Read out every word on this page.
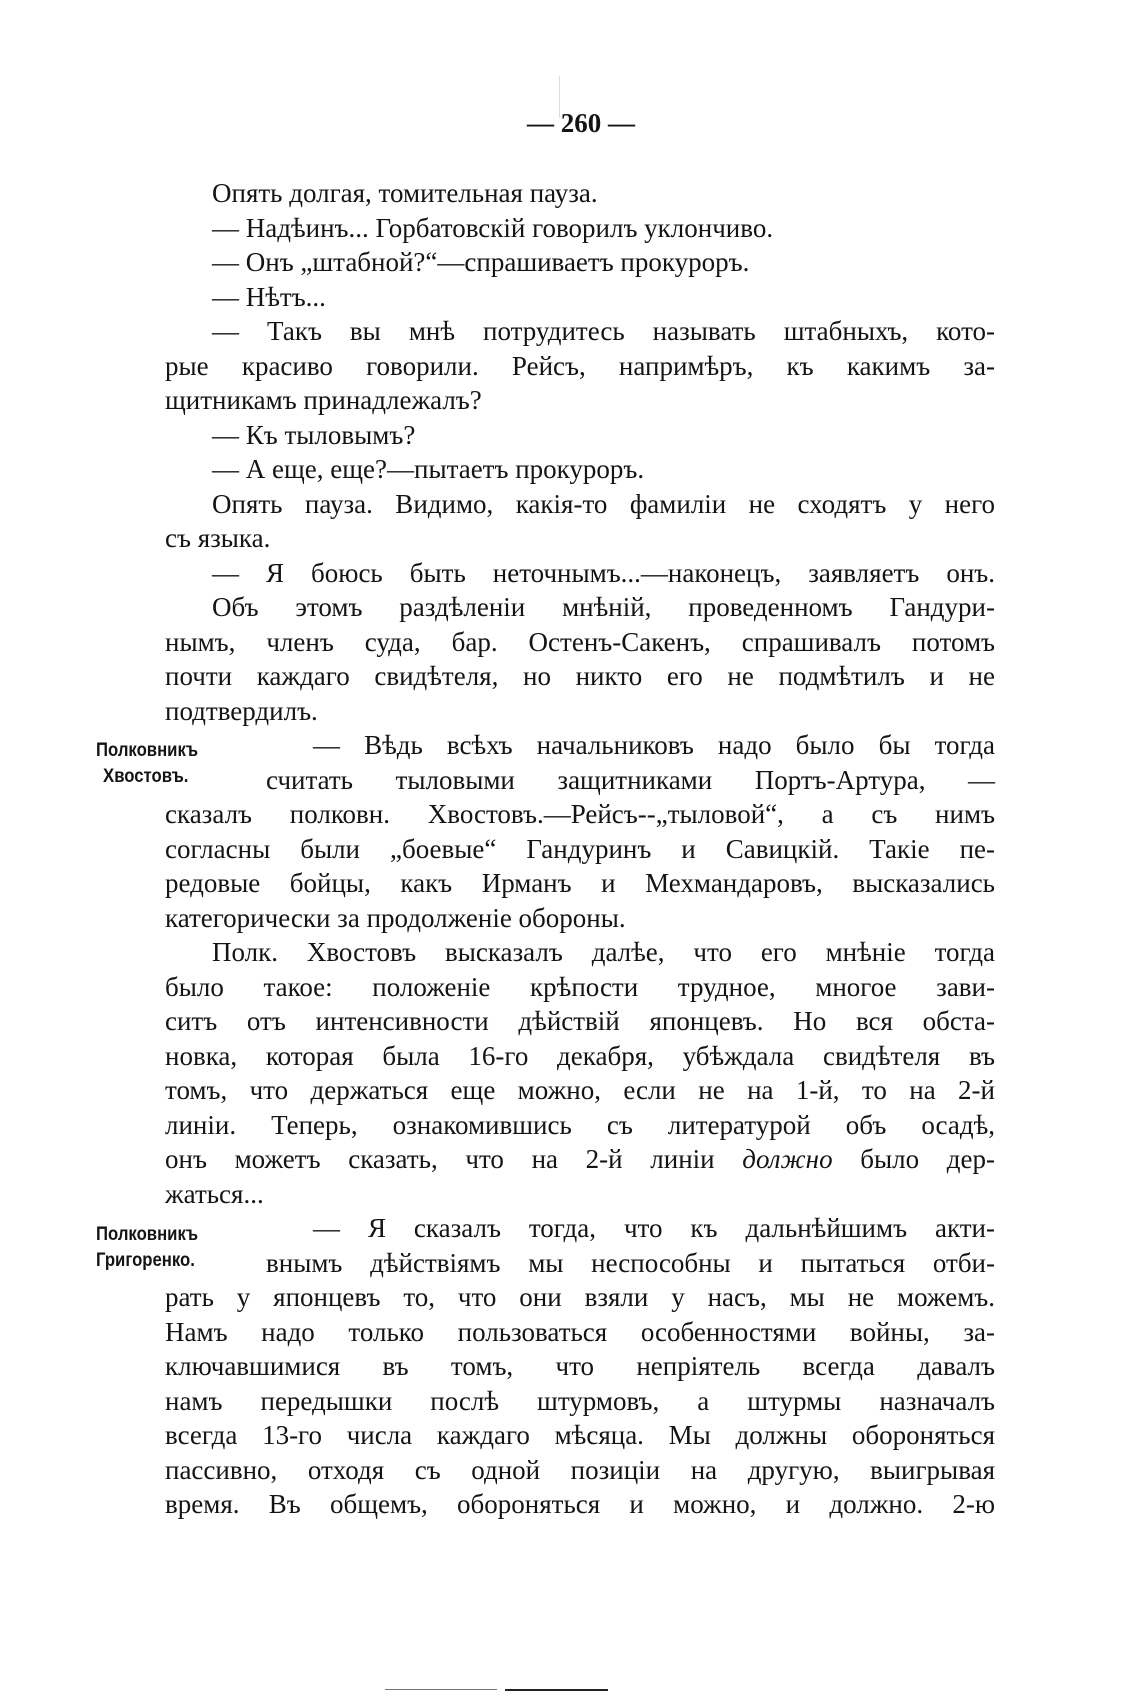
— 260 —
Полковникъ
Хвостовъ.
Полковникъ
Григоренко.
Опять долгая, томительная пауза.
— Надѣинъ... Горбатовскій говорилъ уклончиво.
— Онъ „штабной?“—спрашиваетъ прокуроръ.
— Нѣтъ...
— Такъ вы мнѣ потрудитесь называть штабныхъ, кото-
рые красиво говорили. Рейсъ, напримѣръ, къ какимъ за-
щитникамъ принадлежалъ?
— Къ тыловымъ?
— А еще, еще?—пытаетъ прокуроръ.
Опять пауза. Видимо, какія-то фамиліи не сходятъ у него
съ языка.
— Я боюсь быть неточнымъ...—наконецъ, заявляетъ онъ.
Объ этомъ раздѣленіи мнѣній, проведенномъ Гандури-
нымъ, членъ суда, бар. Остенъ-Сакенъ, спрашивалъ потомъ
почти каждаго свидѣтеля, но никто его не подмѣтилъ и не
подтвердилъ.
— Вѣдь всѣхъ начальниковъ надо было бы тогда
считать тыловыми защитниками Портъ-Артура, —
сказалъ полковн. Хвостовъ.—Рейсъ--„тыловой“, а съ нимъ
согласны были „боевые“ Гандуринъ и Савицкій. Такіе пе-
редовые бойцы, какъ Ирманъ и Мехмандаровъ, высказались
категорически за продолженіе обороны.
Полк. Хвостовъ высказалъ далѣе, что его мнѣніе тогда
было такое: положеніе крѣпости трудное, многое зави-
ситъ отъ интенсивности дѣйствій японцевъ. Но вся обста-
новка, которая была 16-го декабря, убѣждала свидѣтеля въ
томъ, что держаться еще можно, если не на 1-й, то на 2-й
линіи. Теперь, ознакомившись съ литературой объ осадѣ,
онъ можетъ сказать, что на 2-й линіи должно было дер-
жаться...
— Я сказалъ тогда, что къ дальнѣйшимъ акти-
внымъ дѣйствіямъ мы неспособны и пытаться отби-
рать у японцевъ то, что они взяли у насъ, мы не можемъ.
Намъ надо только пользоваться особенностями войны, за-
ключавшимися въ томъ, что непріятель всегда давалъ
намъ передышки послѣ штурмовъ, а штурмы назначалъ
всегда 13-го числа каждаго мѣсяца. Мы должны обороняться
пассивно, отходя съ одной позиціи на другую, выигрывая
время. Въ общемъ, обороняться и можно, и должно. 2-ю
